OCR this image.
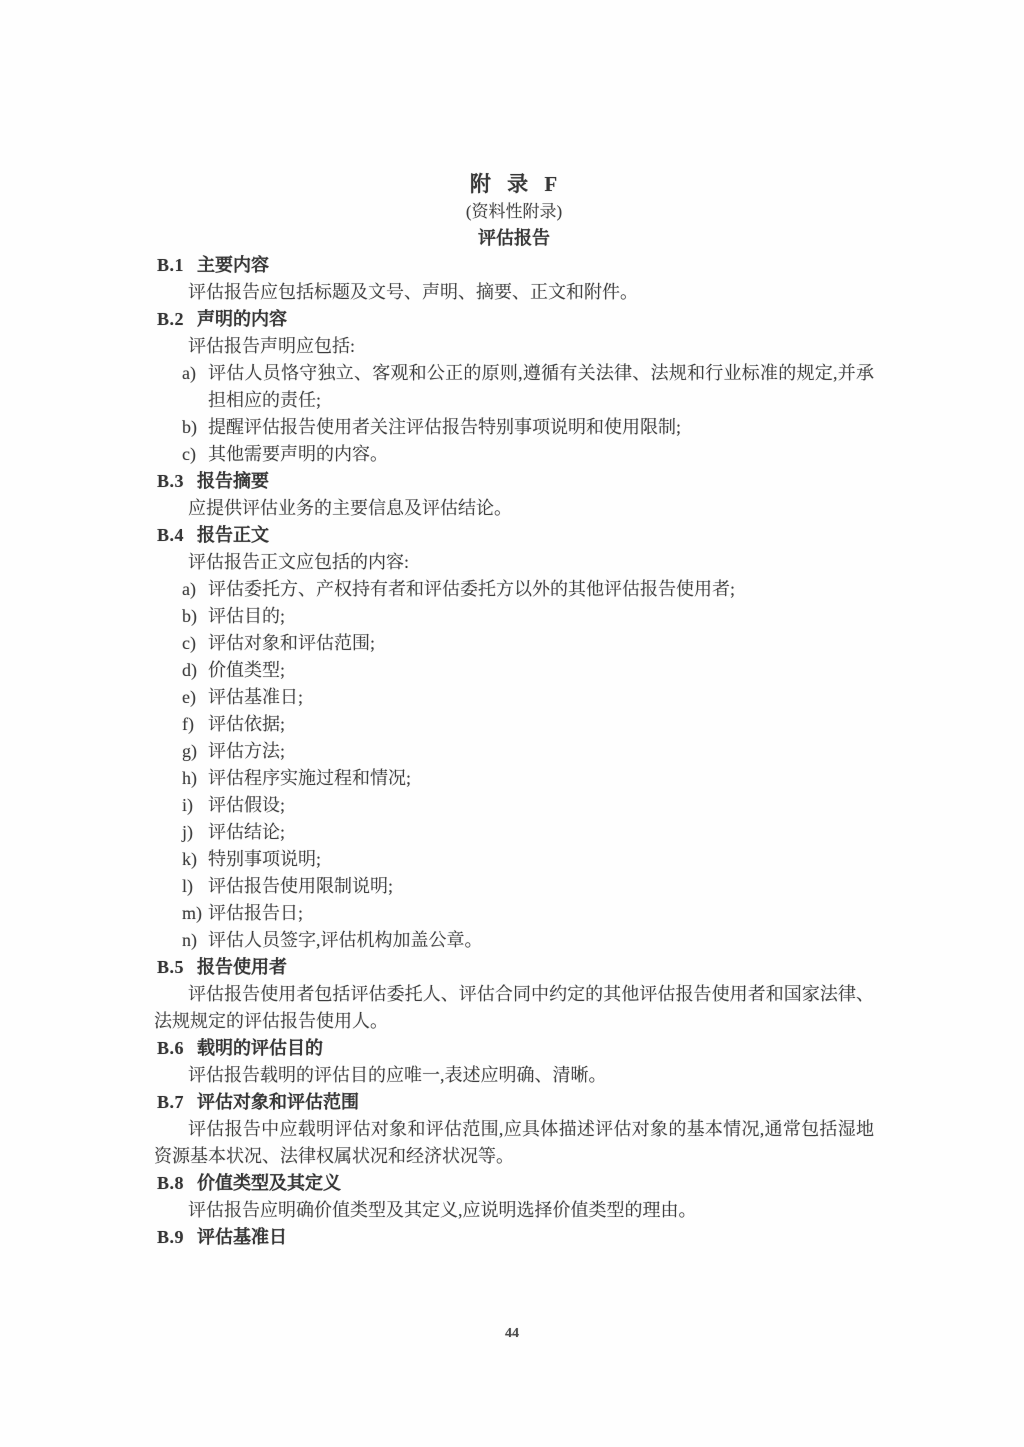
附 录 F
(资料性附录)
评估报告
B.1 主要内容
评估报告应包括标题及文号、声明、摘要、正文和附件。
B.2 声明的内容
评估报告声明应包括:
a) 评估人员恪守独立、客观和公正的原则,遵循有关法律、法规和行业标准的规定,并承担相应的责任;
b) 提醒评估报告使用者关注评估报告特别事项说明和使用限制;
c) 其他需要声明的内容。
B.3 报告摘要
应提供评估业务的主要信息及评估结论。
B.4 报告正文
评估报告正文应包括的内容:
a) 评估委托方、产权持有者和评估委托方以外的其他评估报告使用者;
b) 评估目的;
c) 评估对象和评估范围;
d) 价值类型;
e) 评估基准日;
f) 评估依据;
g) 评估方法;
h) 评估程序实施过程和情况;
i) 评估假设;
j) 评估结论;
k) 特别事项说明;
l) 评估报告使用限制说明;
m) 评估报告日;
n) 评估人员签字,评估机构加盖公章。
B.5 报告使用者
评估报告使用者包括评估委托人、评估合同中约定的其他评估报告使用者和国家法律、法规规定的评估报告使用人。
B.6 载明的评估目的
评估报告载明的评估目的应唯一,表述应明确、清晰。
B.7 评估对象和评估范围
评估报告中应载明评估对象和评估范围,应具体描述评估对象的基本情况,通常包括湿地资源基本状况、法律权属状况和经济状况等。
B.8 价值类型及其定义
评估报告应明确价值类型及其定义,应说明选择价值类型的理由。
B.9 评估基准日
44
